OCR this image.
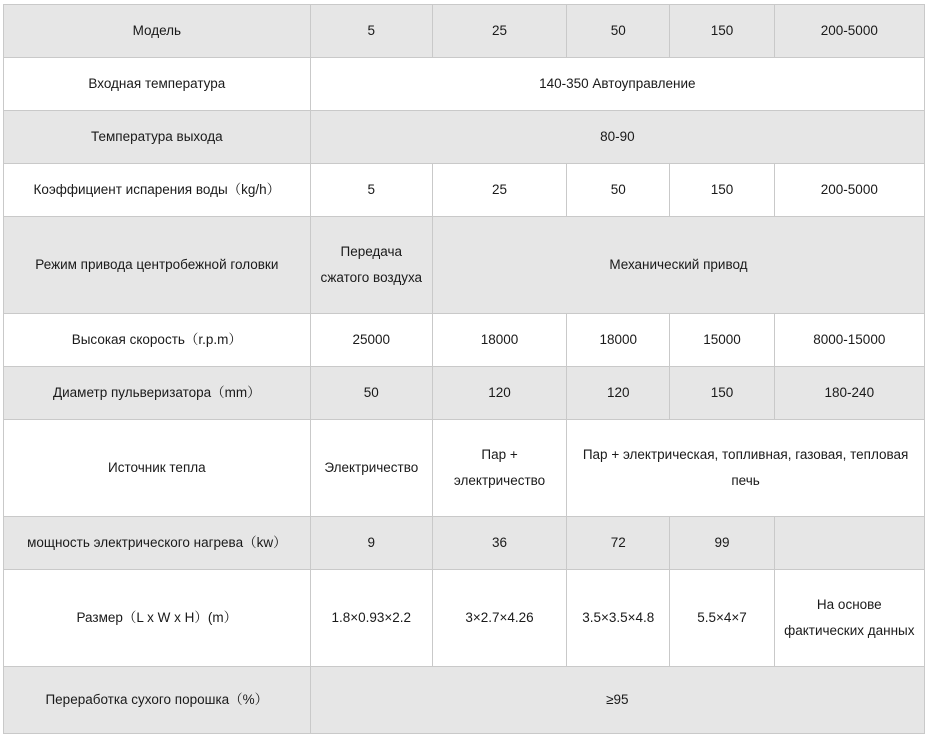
Модель	5	25	50	150	200-5000
Входная температура	140-350 Автоуправление				
Температура выхода	80-90				
Коэффициент испарения воды（kg/h）	5	25	50	150	200-5000
Режим привода центробежной головки	Передача сжатого воздуха	Механический привод			
Высокая скорость（r.p.m）	25000	18000	18000	15000	8000-15000
Диаметр пульверизатора（mm）	50	120	120	150	180-240
Источник тепла	Электричество	Пар + электричество	Пар + электрическая, топливная, газовая, тепловая печь		
мощность электрического нагрева（kw）	9	36	72	99	
Размер（L x W x H）(m）	1.8×0.93×2.2	3×2.7×4.26	3.5×3.5×4.8	5.5×4×7	На основе фактических данных
Переработка сухого порошка（%）	≥95				
